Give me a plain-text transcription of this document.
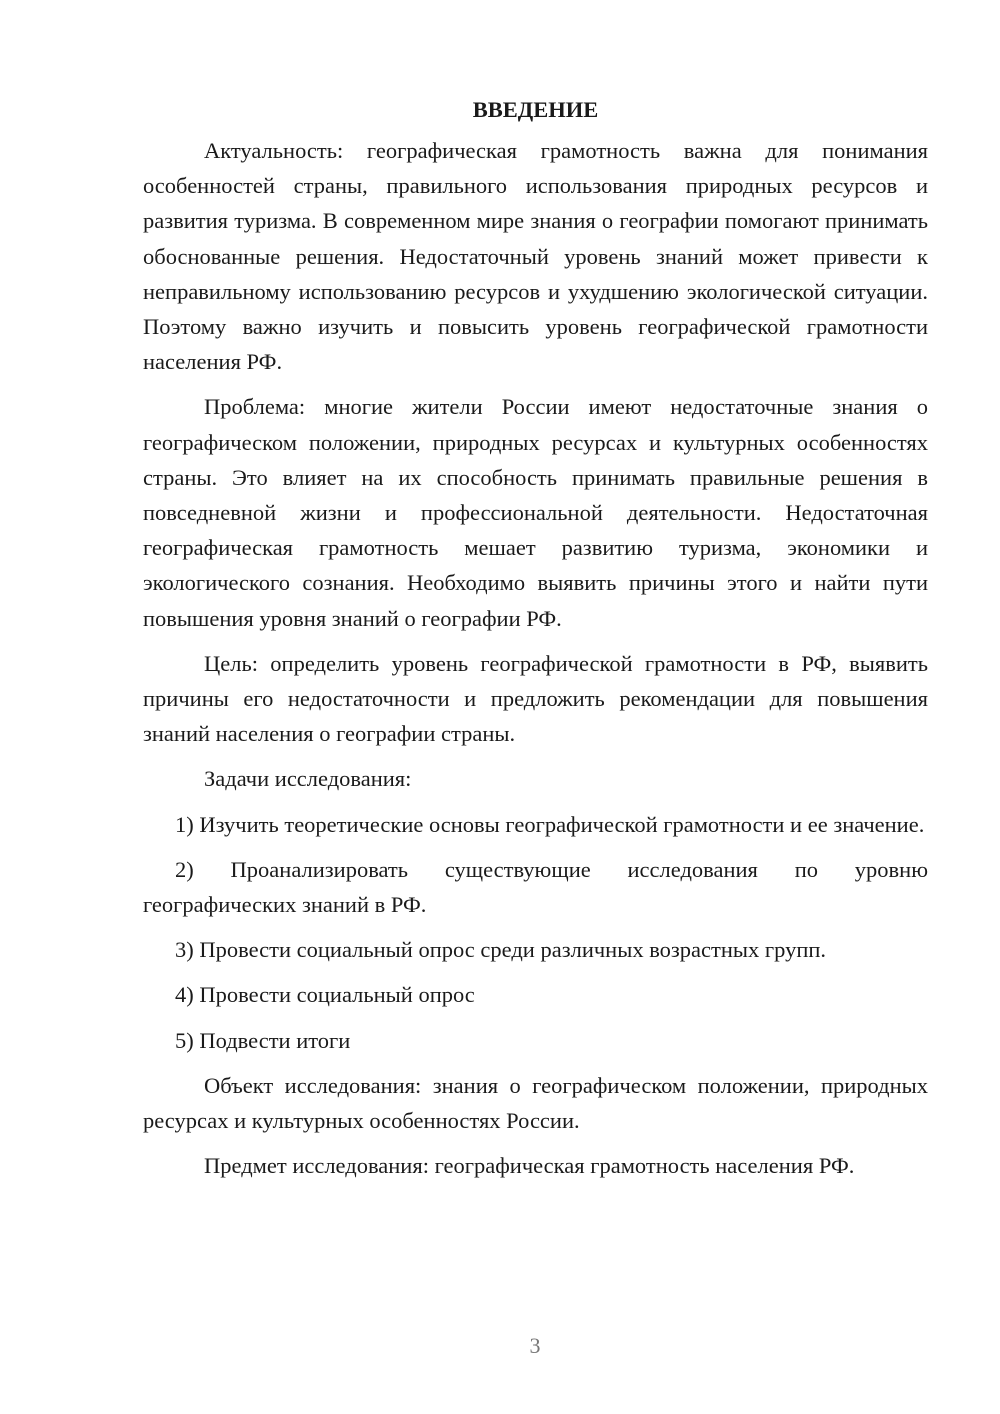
ВВЕДЕНИЕ

Актуальность: географическая грамотность важна для понимания особенностей страны, правильного использования природных ресурсов и развития туризма. В современном мире знания о географии помогают принимать обоснованные решения. Недостаточный уровень знаний может привести к неправильному использованию ресурсов и ухудшению экологической ситуации. Поэтому важно изучить и повысить уровень географической грамотности населения РФ.

Проблема: многие жители России имеют недостаточные знания о географическом положении, природных ресурсах и культурных особенностях страны. Это влияет на их способность принимать правильные решения в повседневной жизни и профессиональной деятельности. Недостаточная географическая грамотность мешает развитию туризма, экономики и экологического сознания. Необходимо выявить причины этого и найти пути повышения уровня знаний о географии РФ.

Цель: определить уровень географической грамотности в РФ, выявить причины его недостаточности и предложить рекомендации для повышения знаний населения о географии страны.

Задачи исследования:

1) Изучить теоретические основы географической грамотности и ее значение.

2) Проанализировать существующие исследования по уровню географических знаний в РФ.

3) Провести социальный опрос среди различных возрастных групп.

4) Провести социальный опрос

5) Подвести итоги

Объект исследования: знания о географическом положении, природных ресурсах и культурных особенностях России.

Предмет исследования: географическая грамотность населения РФ.

3
